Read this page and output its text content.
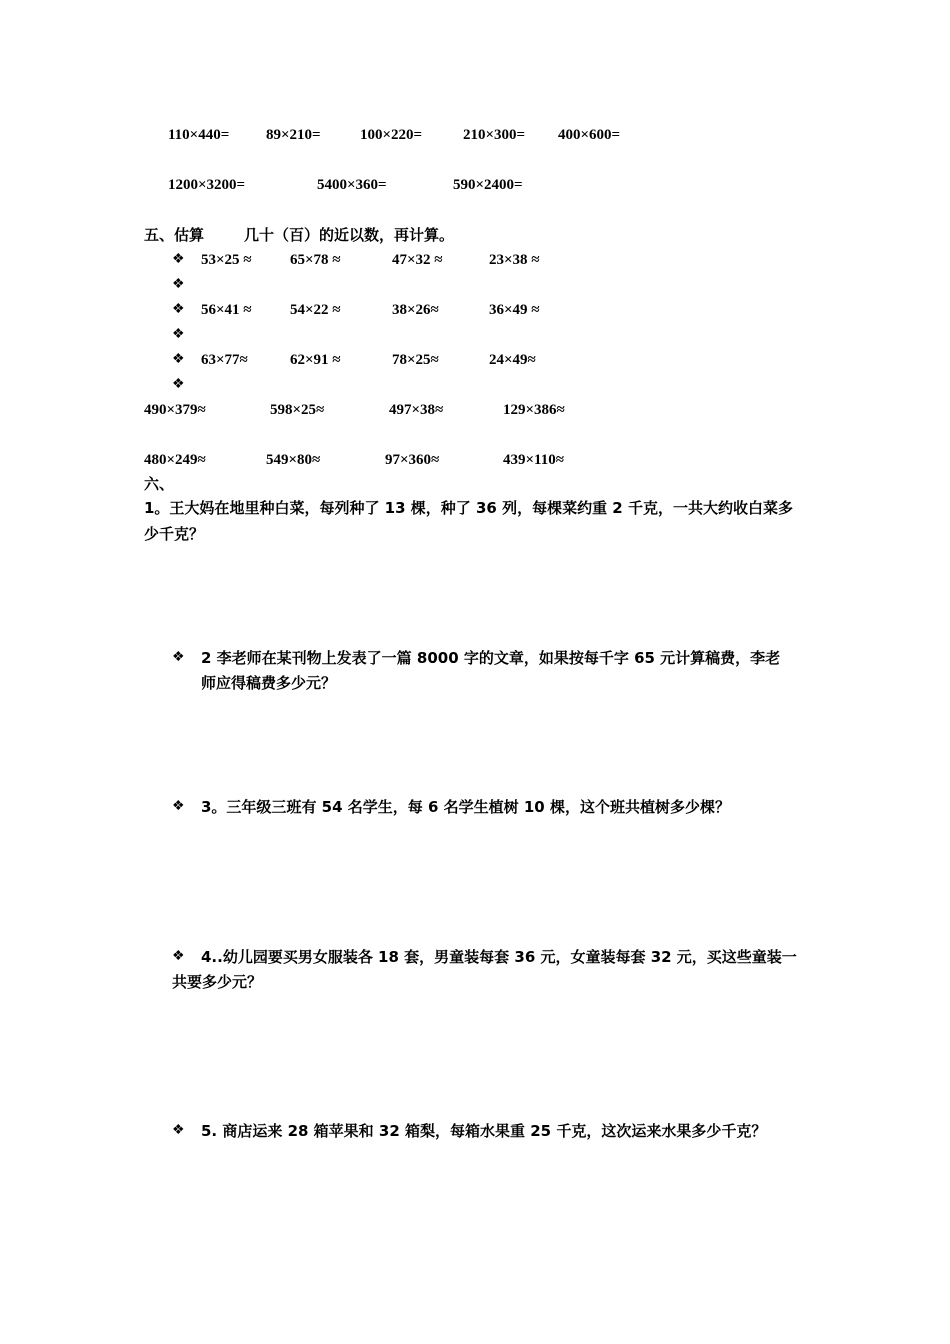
110×440= 89×210=	100×220=	210×300= 400×600=
1200×3200=	5400×360=	590×2400=
五、估算	几十（百）的近以数，再计算。
❖ 53×25 ≈	65×78 ≈	47×32 ≈	23×38 ≈
❖
❖ 56×41 ≈	54×22 ≈	38×26≈	36×49 ≈
❖
❖ 63×77≈	62×91 ≈	78×25≈	24×49≈
❖
490×379≈	598×25≈	497×38≈	129×386≈
480×249≈	549×80≈	97×360≈	439×110≈
六、
1。王大妈在地里种白菜，每列种了 13 棵，种了 36 列，每棵菜约重 2 千克，一共大约收白菜多
少千克？
❖ 2 李老师在某刊物上发表了一篇 8000 字的文章，如果按每千字 65 元计算稿费，李老
师应得稿费多少元？
❖ 3。三年级三班有 54 名学生，每 6 名学生植树 10 棵，这个班共植树多少棵？
❖ 4..幼儿园要买男女服装各 18 套，男童装每套 36 元，女童装每套 32 元，买这些童装一
共要多少元？
❖ 5. 商店运来 28 箱苹果和 32 箱梨，每箱水果重 25 千克，这次运来水果多少千克？
